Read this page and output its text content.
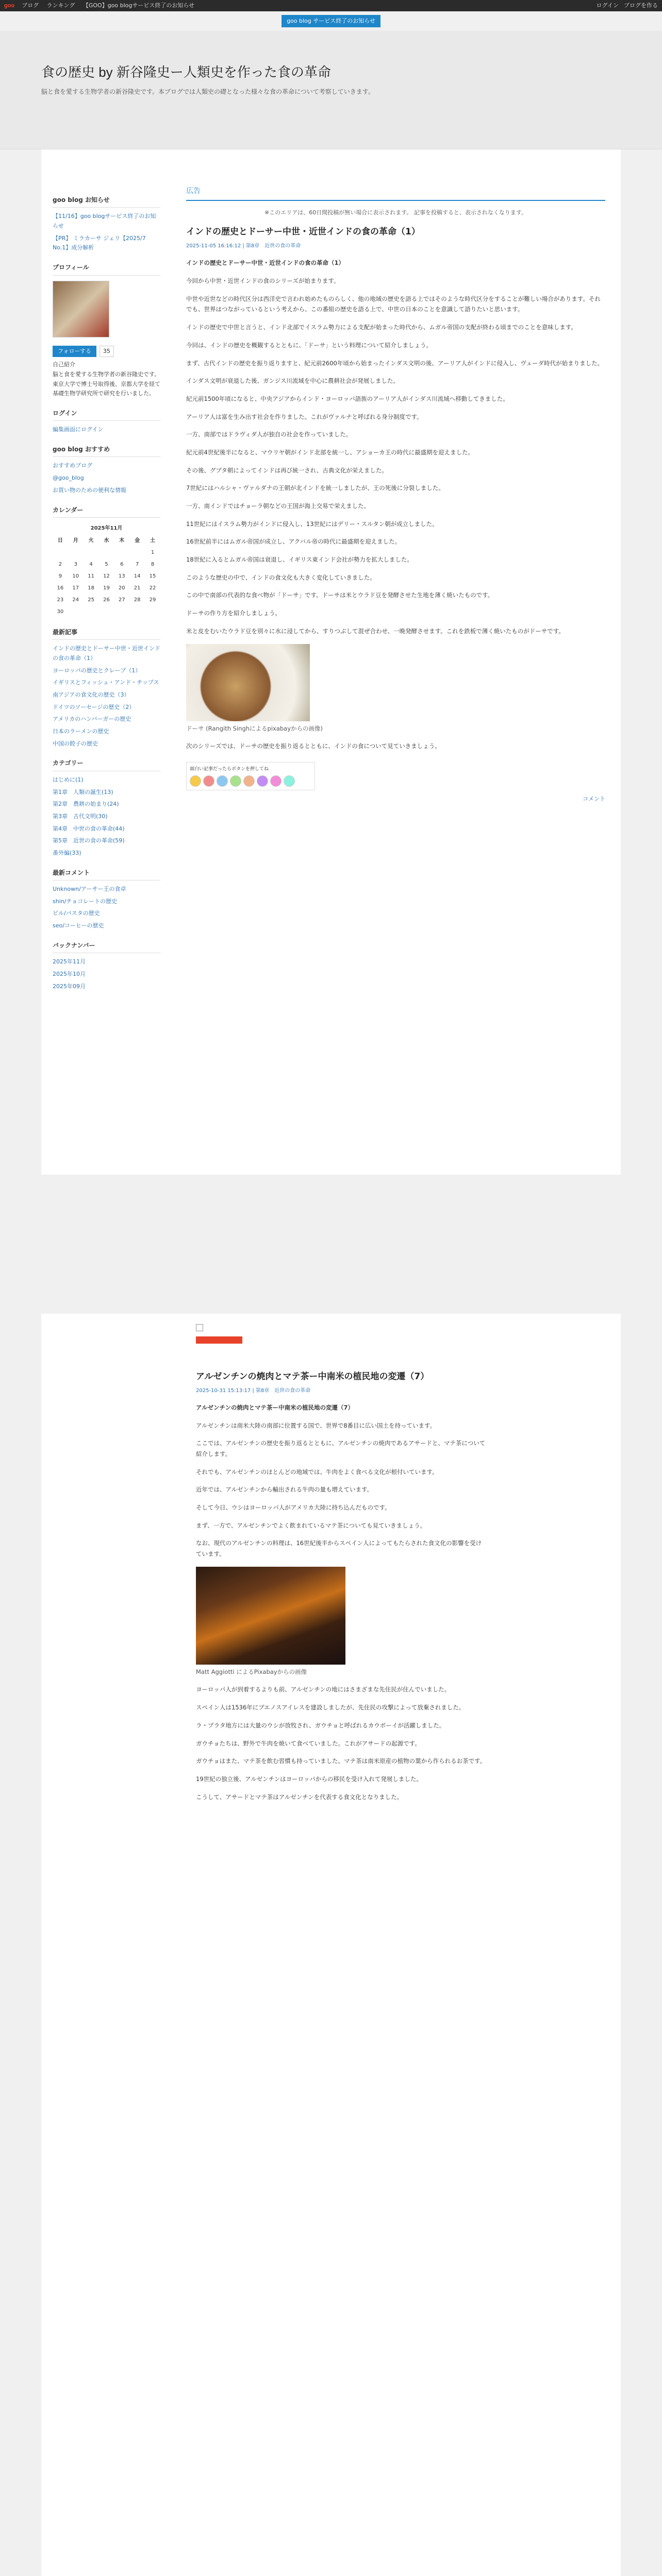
goo ブログ ランキング 【GOO】goo blogサービス終了のお知らせ	ログイン ブログを作る
goo blog サービス終了のお知らせ
食の歴史 by 新谷隆史ー人類史を作った食の革命

脳と食を愛する生物学者の新谷隆史です。本ブログでは人類史の礎となった様々な食の革命について考察していきます。

goo blog お知らせ
【11/16】goo blogサービス終了のお知らせ
【PR】 ミラカーサ ジェリ【2025/7 No.1】成分解析
プロフィール
フォローする	35

自己紹介

脳と食を愛する生物学者の新谷隆史です。東京大学で博士号取得後、京都大学を経て基礎生物学研究所で研究を行いました。

ログイン
編集画面にログイン
goo blog おすすめ
おすすめブログ
@goo_blog
お買い物のための便利な情報
カレンダー
2025年11月
日	月	火	水	木	金	土
						1
2	3	4	5	6	7	8
9	10	11	12	13	14	15
16	17	18	19	20	21	22
23	24	25	26	27	28	29
30						
最新記事
インドの歴史とドーサー中世・近世インドの食の革命（1）
ヨーロッパの歴史とクレープ（1）
イギリスとフィッシュ・アンド・チップス
南アジアの食文化の歴史（3）
ドイツのソーセージの歴史（2）
アメリカのハンバーガーの歴史
日本のラーメンの歴史
中国の餃子の歴史
カテゴリー
はじめに(1)
第1章　人類の誕生(13)
第2章　農耕の始まり(24)
第3章　古代文明(30)
第4章　中世の食の革命(44)
第5章　近世の食の革命(59)
番外編(33)
最新コメント
Unknown/アーサー王の食卓
shin/チョコレートの歴史
ビル/パスタの歴史
seo/コーヒーの歴史
バックナンバー
2025年11月
2025年10月
2025年09月
広告

※このエリアは、60日間投稿が無い場合に表示されます。 記事を投稿すると、表示されなくなります。

インドの歴史とドーサー中世・近世インドの食の革命（1）
2025-11-05 16:16:12 | 第8章　近世の食の革命

インドの歴史とドーサー中世・近世インドの食の革命（1）

今回から中世・近世インドの食のシリーズが始まります。

中世や近世などの時代区分は西洋史で言われ始めたものらしく、他の地域の歴史を語る上ではそのような時代区分をすることが難しい場合があります。それでも、世界はつながっているという考えから、この番組の歴史を語る上で、中世の日本のことを意識して語りたいと思います。

インドの歴史で中世と言うと、インド北部でイスラム勢力による支配が始まった時代から、ムガル帝国の支配が終わる頃までのことを意味します。

今回は、インドの歴史を概観するとともに、「ドーサ」という料理について紹介しましょう。

まず、古代インドの歴史を振り返りますと、紀元前2600年頃から始まったインダス文明の後、アーリア人がインドに侵入し、ヴェーダ時代が始まりました。

インダス文明が衰退した後、ガンジス川流域を中心に農耕社会が発展しました。

紀元前1500年頃になると、中央アジアからインド・ヨーロッパ語族のアーリア人がインダス川流域へ移動してきました。

アーリア人は富を生み出す社会を作りました。これがヴァルナと呼ばれる身分制度です。

一方、南部ではドラヴィダ人が独自の社会を作っていました。

紀元前4世紀後半になると、マウリヤ朝がインド北部を統一し、アショーカ王の時代に最盛期を迎えました。

その後、グプタ朝によってインドは再び統一され、古典文化が栄えました。

7世紀にはハルシャ・ヴァルダナの王朝が北インドを統一しましたが、王の死後に分裂しました。

一方、南インドではチョーラ朝などの王国が海上交易で栄えました。

11世紀にはイスラム勢力がインドに侵入し、13世紀にはデリー・スルタン朝が成立しました。

16世紀前半にはムガル帝国が成立し、アクバル帝の時代に最盛期を迎えました。

18世紀に入るとムガル帝国は衰退し、イギリス東インド会社が勢力を拡大しました。

このような歴史の中で、インドの食文化も大きく変化していきました。

この中で南部の代表的な食べ物が「ドーサ」です。ドーサは米とウラド豆を発酵させた生地を薄く焼いたものです。

ドーサの作り方を紹介しましょう。

米と皮をむいたウラド豆を別々に水に浸してから、すりつぶして混ぜ合わせ、一晩発酵させます。これを鉄板で薄く焼いたものがドーサです。

ドーサ (Rangith Singhによるpixabayからの画像)

次のシリーズでは、ドーサの歴史を振り返るとともに、インドの食について見ていきましょう。

面白い記事だったらボタンを押してね
コメント
アルゼンチンの焼肉とマテ茶ー中南米の植民地の変遷（7）
2025-10-31 15:13:17 | 第8章　近世の食の革命

アルゼンチンの焼肉とマテ茶ー中南米の植民地の変遷（7）

アルゼンチンは南米大陸の南部に位置する国で、世界で8番目に広い国土を持っています。

ここでは、アルゼンチンの歴史を振り返るとともに、アルゼンチンの焼肉であるアサードと、マテ茶について紹介します。

それでも、アルゼンチンのほとんどの地域では、牛肉をよく食べる文化が根付いています。

近年では、アルゼンチンから輸出される牛肉の量も増えています。

そして今日、ウシはヨーロッパ人がアメリカ大陸に持ち込んだものです。

まず、一方で、アルゼンチンでよく飲まれているマテ茶についても見ていきましょう。

なお、現代のアルゼンチンの料理は、16世紀後半からスペイン人によってもたらされた食文化の影響を受けています。

Matt Aggiotti によるPixabayからの画像

ヨーロッパ人が到着するよりも前、アルゼンチンの地にはさまざまな先住民が住んでいました。

スペイン人は1536年にブエノスアイレスを建設しましたが、先住民の攻撃によって放棄されました。

ラ・プラタ地方には大量のウシが放牧され、ガウチョと呼ばれるカウボーイが活躍しました。

ガウチョたちは、野外で牛肉を焼いて食べていました。これがアサードの起源です。

ガウチョはまた、マテ茶を飲む習慣も持っていました。マテ茶は南米原産の植物の葉から作られるお茶です。

19世紀の独立後、アルゼンチンはヨーロッパからの移民を受け入れて発展しました。

こうして、アサードとマテ茶はアルゼンチンを代表する食文化となりました。
